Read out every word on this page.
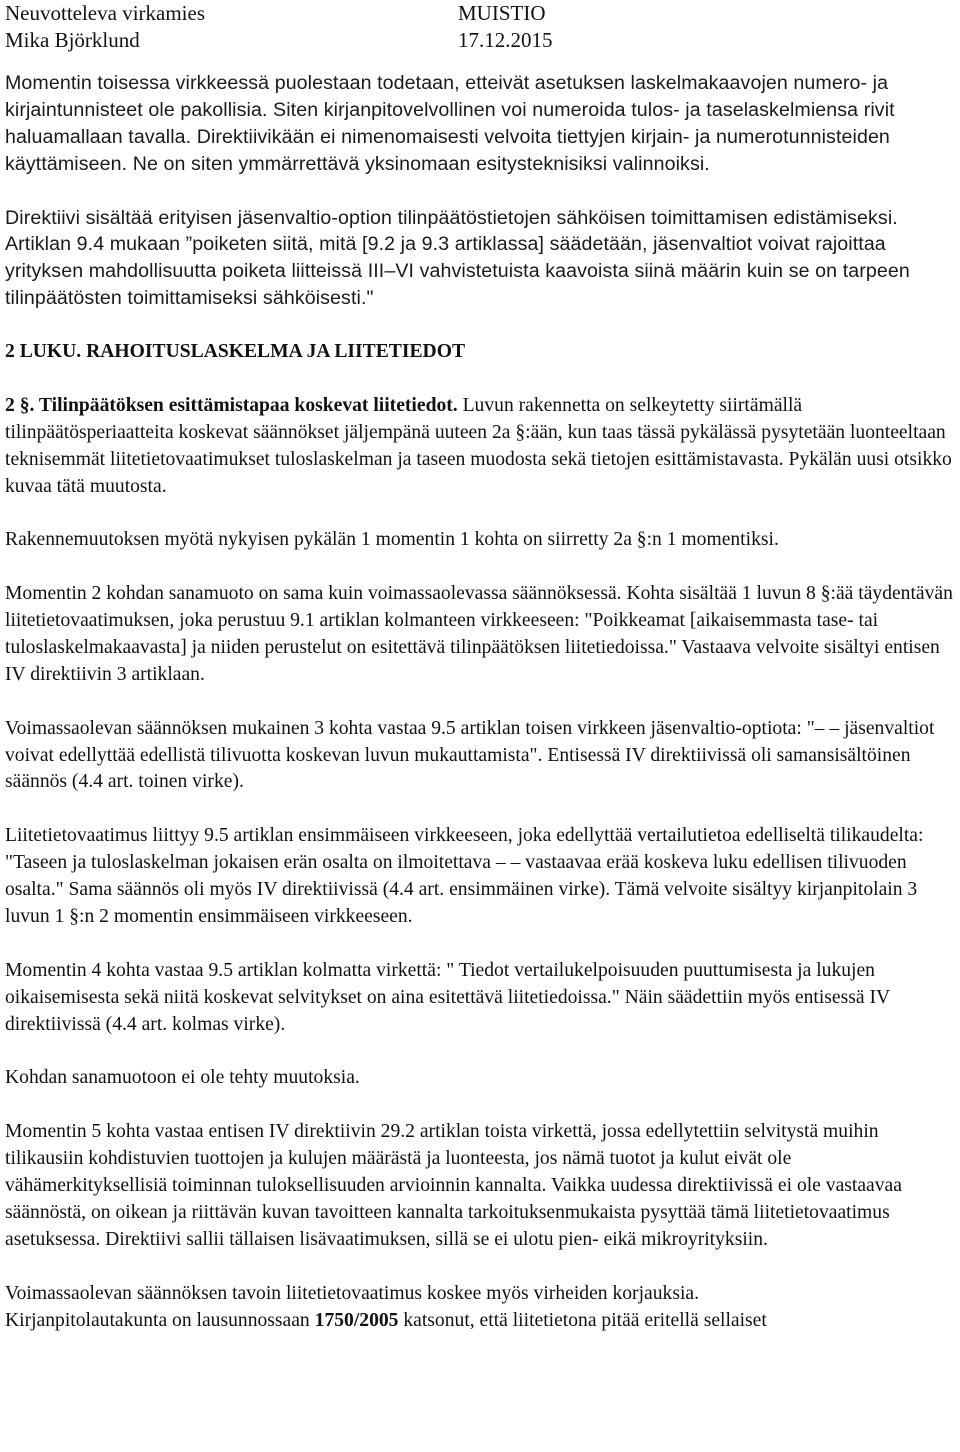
Neuvotteleva virkamies	MUISTIO
Mika Björklund	17.12.2015

Momentin toisessa virkkeessä puolestaan todetaan, etteivät asetuksen laskelmakaavojen numero- ja kirjaintunnisteet ole pakollisia. Siten kirjanpitovelvollinen voi numeroida tulos- ja taselaskelmiensa rivit haluamallaan tavalla. Direktiivikään ei nimenomaisesti velvoita tiettyjen kirjain- ja numerotunnisteiden käyttämiseen. Ne on siten ymmärrettävä yksinomaan esitysteknisiksi valinnoiksi.

Direktiivi sisältää erityisen jäsenvaltio-option tilinpäätöstietojen sähköisen toimittamisen edistämiseksi. Artiklan 9.4 mukaan ”poiketen siitä, mitä [9.2 ja 9.3 artiklassa] säädetään, jäsenvaltiot voivat rajoittaa yrityksen mahdollisuutta poiketa liitteissä III–VI vahvistetuista kaavoista siinä määrin kuin se on tarpeen tilinpäätösten toimittamiseksi sähköisesti."

2 LUKU. RAHOITUSLASKELMA JA LIITETIEDOT

2 §. Tilinpäätöksen esittämistapaa koskevat liitetiedot. Luvun rakennetta on selkeytetty siirtämällä tilinpäätösperiaatteita koskevat säännökset jäljempänä uuteen 2a §:ään, kun taas tässä pykälässä pysytetään luonteeltaan teknisemmät liitetietovaatimukset tuloslaskelman ja taseen muodosta sekä tietojen esittämistavasta. Pykälän uusi otsikko kuvaa tätä muutosta.

Rakennemuutoksen myötä nykyisen pykälän 1 momentin 1 kohta on siirretty 2a §:n 1 momentiksi.

Momentin 2 kohdan sanamuoto on sama kuin voimassaolevassa säännöksessä. Kohta sisältää 1 luvun 8 §:ää täydentävän liitetietovaatimuksen, joka perustuu 9.1 artiklan kolmanteen virkkeeseen: "Poikkeamat [aikaisemmasta tase- tai tuloslaskelmakaavasta] ja niiden perustelut on esitettävä tilinpäätöksen liitetiedoissa." Vastaava velvoite sisältyi entisen IV direktiivin 3 artiklaan.

Voimassaolevan säännöksen mukainen 3 kohta vastaa 9.5 artiklan toisen virkkeen jäsenvaltio-optiota: "– – jäsenvaltiot voivat edellyttää edellistä tilivuotta koskevan luvun mukauttamista". Entisessä IV direktiivissä oli samansisältöinen säännös (4.4 art. toinen virke).

Liitetietovaatimus liittyy 9.5 artiklan ensimmäiseen virkkeeseen, joka edellyttää vertailutietoa edelliseltä tilikaudelta: "Taseen ja tuloslaskelman jokaisen erän osalta on ilmoitettava – – vastaavaa erää koskeva luku edellisen tilivuoden osalta." Sama säännös oli myös IV direktiivissä (4.4 art. ensimmäinen virke). Tämä velvoite sisältyy kirjanpitolain 3 luvun 1 §:n 2 momentin ensimmäiseen virkkeeseen.

Momentin 4 kohta vastaa 9.5 artiklan kolmatta virkettä: " Tiedot vertailukelpoisuuden puuttumisesta ja lukujen oikaisemisesta sekä niitä koskevat selvitykset on aina esitettävä liitetiedoissa." Näin säädettiin myös entisessä IV direktiivissä (4.4 art. kolmas virke).

Kohdan sanamuotoon ei ole tehty muutoksia.

Momentin 5 kohta vastaa entisen IV direktiivin 29.2 artiklan toista virkettä, jossa edellytettiin selvitystä muihin tilikausiin kohdistuvien tuottojen ja kulujen määrästä ja luonteesta, jos nämä tuotot ja kulut eivät ole vähämerkityksellisiä toiminnan tuloksellisuuden arvioinnin kannalta. Vaikka uudessa direktiivissä ei ole vastaavaa säännöstä, on oikean ja riittävän kuvan tavoitteen kannalta tarkoituksenmukaista pysyttää tämä liitetietovaatimus asetuksessa. Direktiivi sallii tällaisen lisävaatimuksen, sillä se ei ulotu pien- eikä mikroyrityksiin.

Voimassaolevan säännöksen tavoin liitetietovaatimus koskee myös virheiden korjauksia.
Kirjanpitolautakunta on lausunnossaan 1750/2005 katsonut, että liitetietona pitää eritellä sellaiset
